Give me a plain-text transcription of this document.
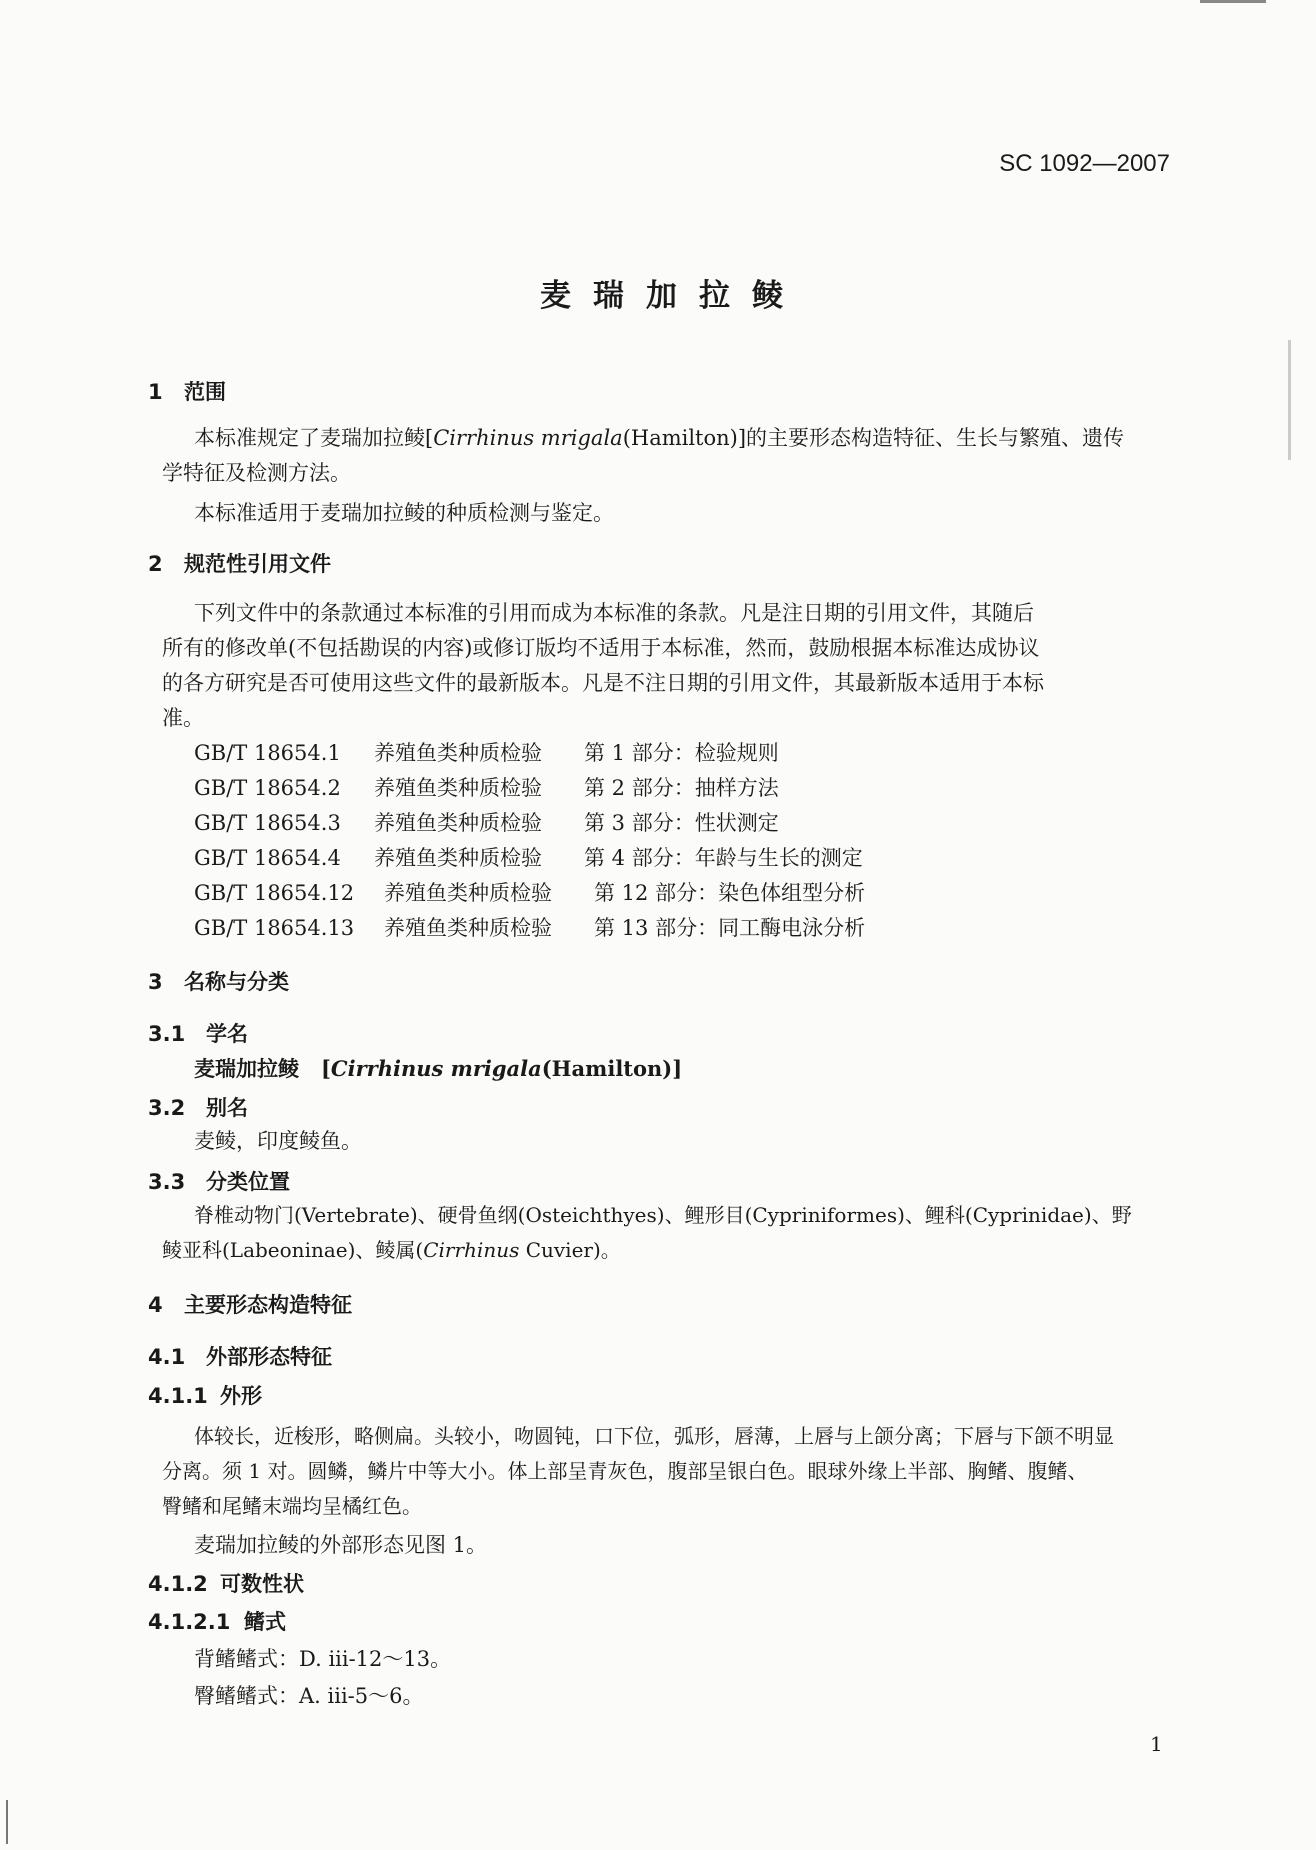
SC 1092—2007
麦瑞加拉鲮
1 范围
本标准规定了麦瑞加拉鲮[Cirrhinus mrigala(Hamilton)]的主要形态构造特征、生长与繁殖、遗传
学特征及检测方法。
本标准适用于麦瑞加拉鲮的种质检测与鉴定。
2 规范性引用文件
下列文件中的条款通过本标准的引用而成为本标准的条款。凡是注日期的引用文件，其随后
所有的修改单(不包括勘误的内容)或修订版均不适用于本标准，然而，鼓励根据本标准达成协议
的各方研究是否可使用这些文件的最新版本。凡是不注日期的引用文件，其最新版本适用于本标
准。
GB/T 18654.1 养殖鱼类种质检验 第 1 部分：检验规则
GB/T 18654.2 养殖鱼类种质检验 第 2 部分：抽样方法
GB/T 18654.3 养殖鱼类种质检验 第 3 部分：性状测定
GB/T 18654.4 养殖鱼类种质检验 第 4 部分：年龄与生长的测定
GB/T 18654.12 养殖鱼类种质检验 第 12 部分：染色体组型分析
GB/T 18654.13 养殖鱼类种质检验 第 13 部分：同工酶电泳分析
3 名称与分类
3.1 学名
麦瑞加拉鲮 [Cirrhinus mrigala(Hamilton)]
3.2 别名
麦鲮，印度鲮鱼。
3.3 分类位置
脊椎动物门(Vertebrate)、硬骨鱼纲(Osteichthyes)、鲤形目(Cypriniformes)、鲤科(Cyprinidae)、野
鲮亚科(Labeoninae)、鲮属(Cirrhinus Cuvier)。
4 主要形态构造特征
4.1 外部形态特征
4.1.1 外形
体较长，近梭形，略侧扁。头较小，吻圆钝，口下位，弧形，唇薄，上唇与上颌分离；下唇与下颌不明显
分离。须 1 对。圆鳞，鳞片中等大小。体上部呈青灰色，腹部呈银白色。眼球外缘上半部、胸鳍、腹鳍、
臀鳍和尾鳍末端均呈橘红色。
麦瑞加拉鲮的外部形态见图 1。
4.1.2 可数性状
4.1.2.1 鳍式
背鳍鳍式：D. iii-12～13。
臀鳍鳍式：A. iii-5～6。
1
